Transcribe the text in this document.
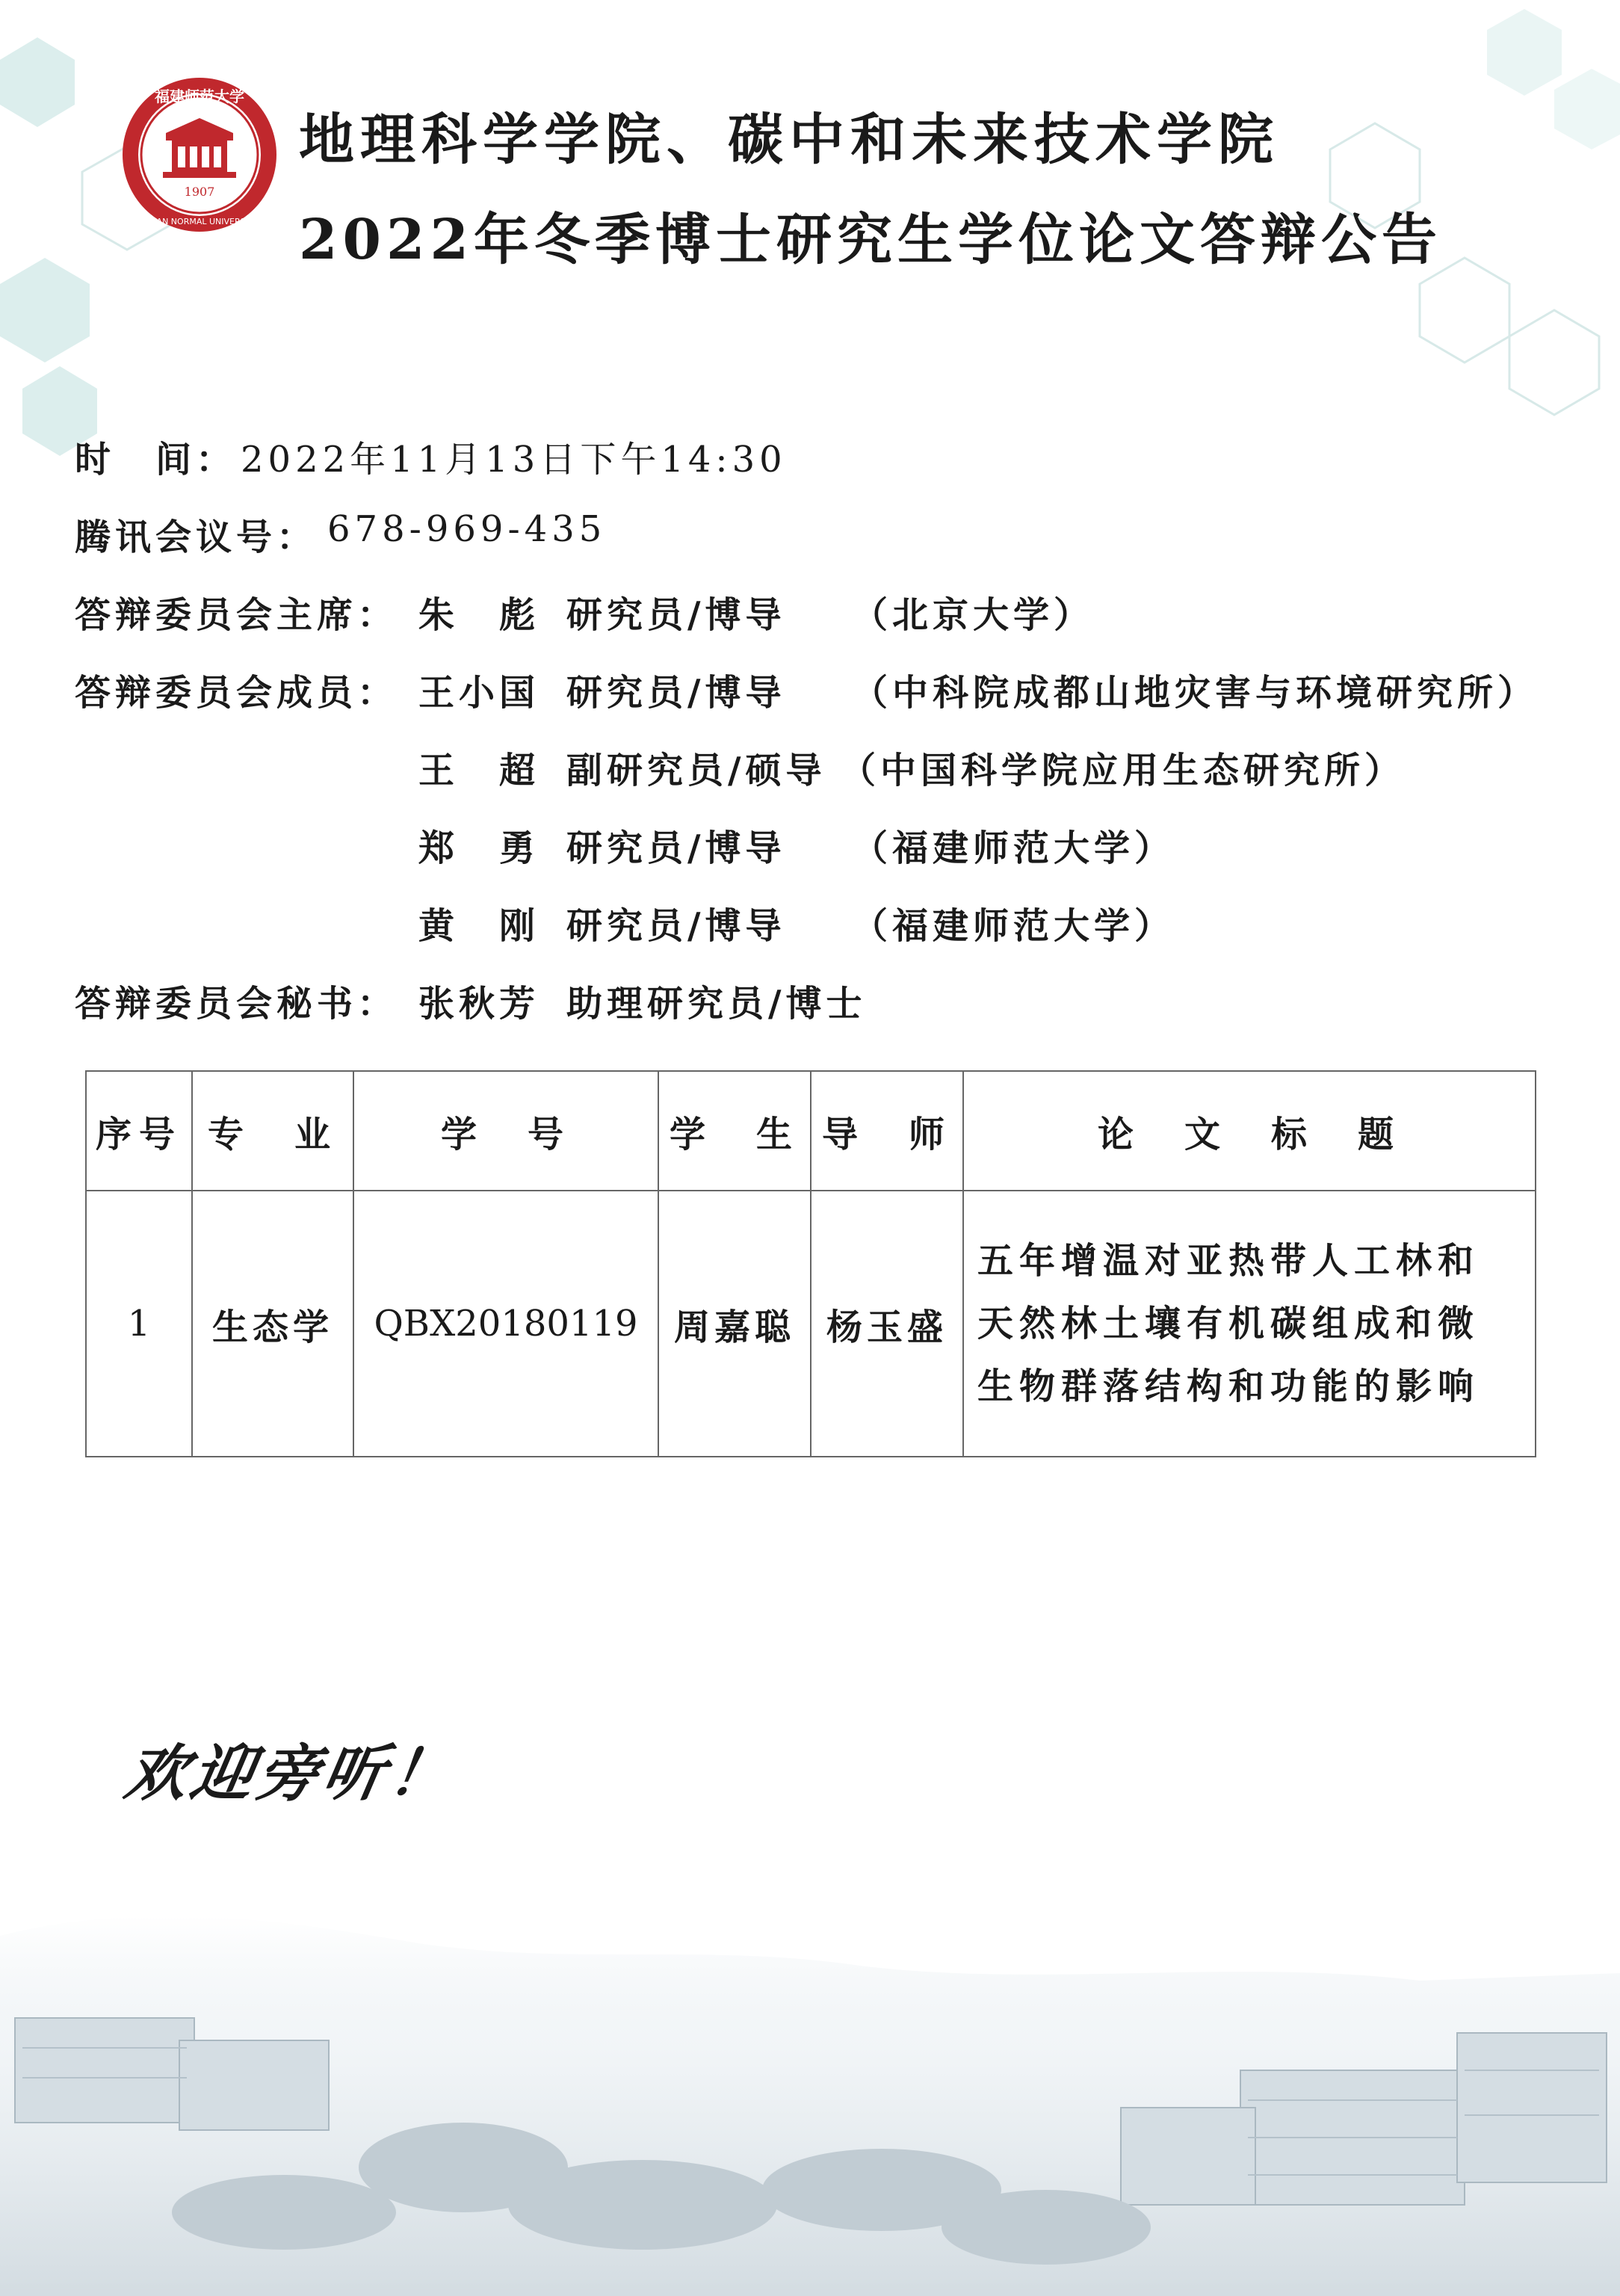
福建师范大学
1907
FUJIAN NORMAL UNIVERSITY
地理科学学院、碳中和未来技术学院
2022年冬季博士研究生学位论文答辩公告
时　间： 2022年11月13日下午14:30
腾讯会议号： 678-969-435
答辩委员会主席： 朱　彪 研究员/博导 （北京大学）
答辩委员会成员： 王小国 研究员/博导 （中科院成都山地灾害与环境研究所）
王　超 副研究员/硕导 （中国科学院应用生态研究所）
郑　勇 研究员/博导 （福建师范大学）
黄　刚 研究员/博导 （福建师范大学）
答辩委员会秘书： 张秋芳 助理研究员/博士
序号	专　业	学　号	学　生	导　师	论　文　标　题
1	生态学	QBX20180119	周嘉聪	杨玉盛	五年增温对亚热带人工林和
天然林土壤有机碳组成和微
生物群落结构和功能的影响
欢迎旁听！
